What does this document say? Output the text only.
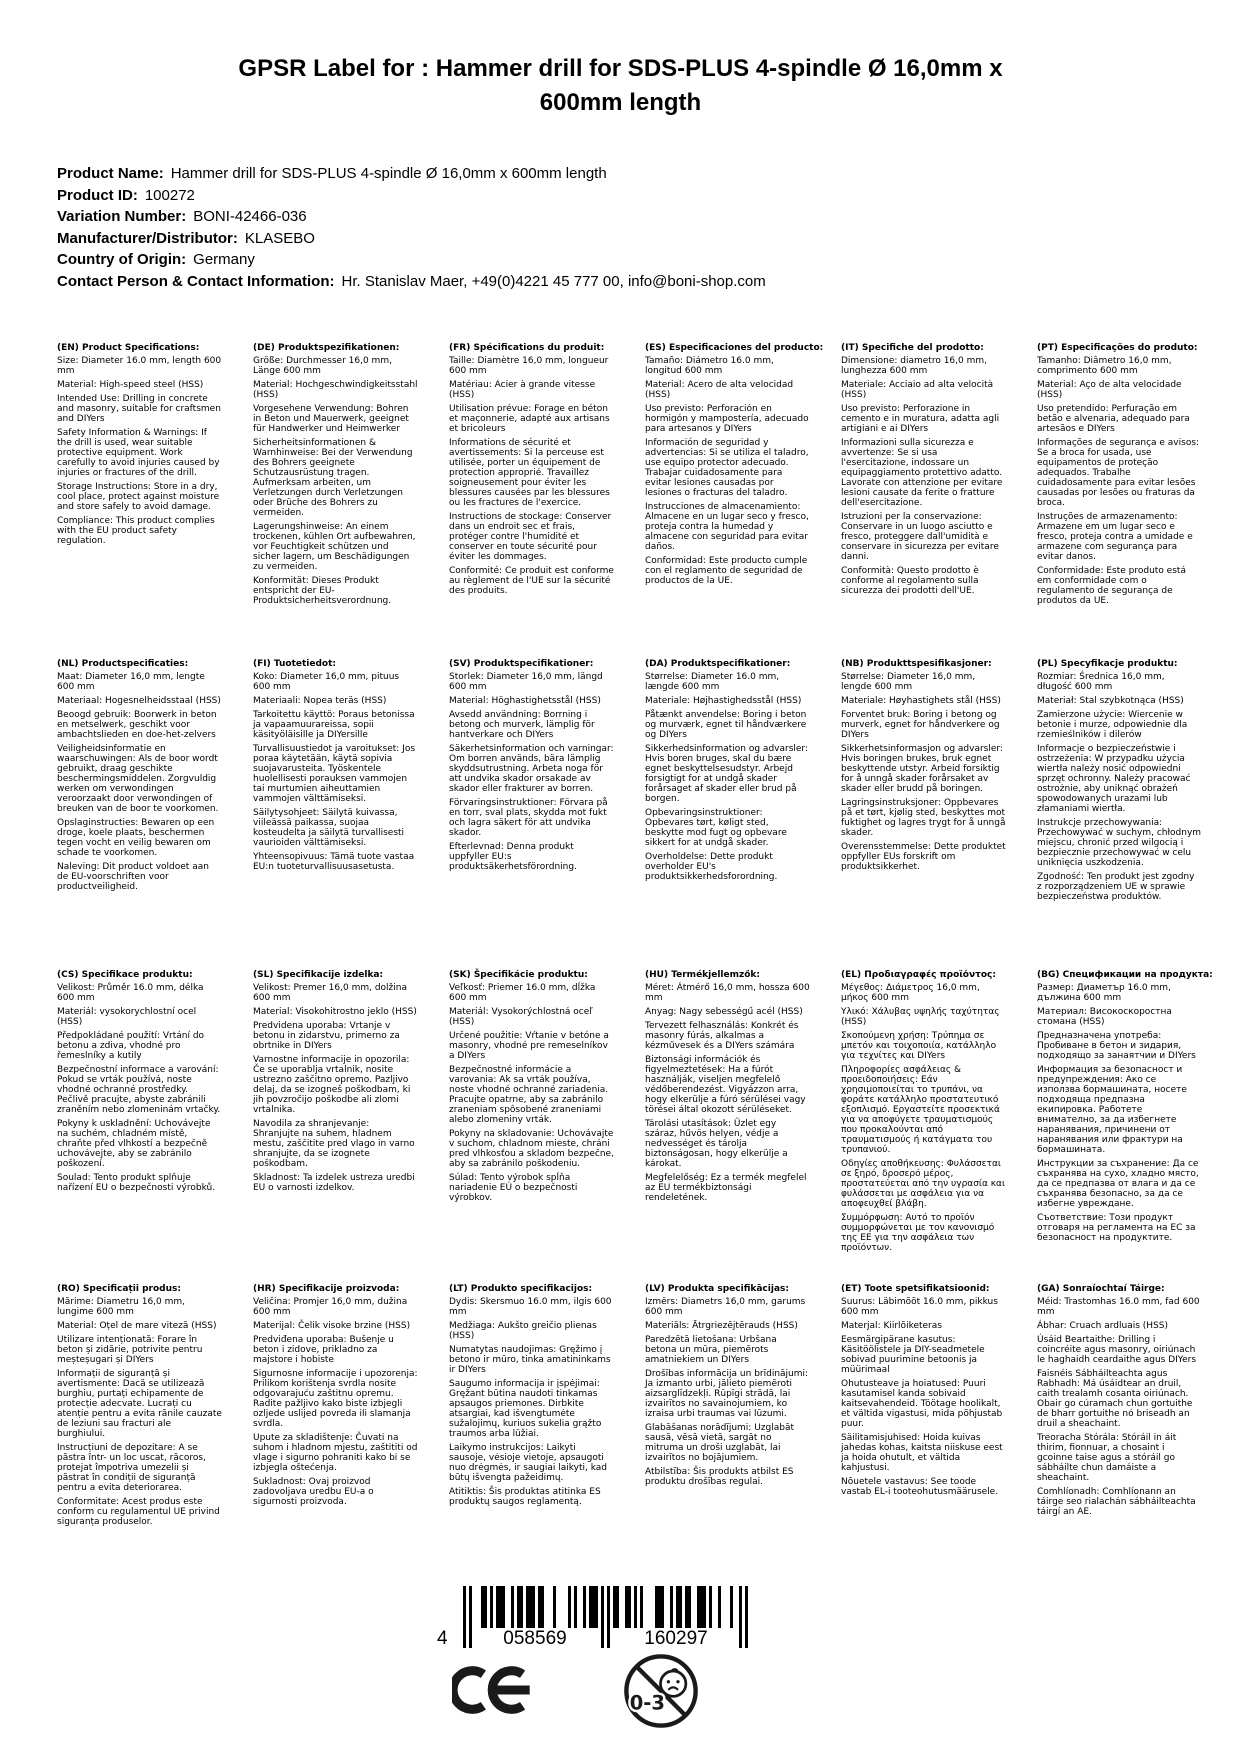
GPSR Label for : Hammer drill for SDS-PLUS 4-spindle Ø 16,0mm x 600mm length
Product Name: Hammer drill for SDS-PLUS 4-spindle Ø 16,0mm x 600mm length
Product ID: 100272
Variation Number: BONI-42466-036
Manufacturer/Distributor: KLASEBO
Country of Origin: Germany
Contact Person & Contact Information: Hr. Stanislav Maer, +49(0)4221 45 777 00, info@boni-shop.com
(EN) Product Specifications:

Size: Diameter 16.0 mm, length 600 mm

Material: High-speed steel (HSS)

Intended Use: Drilling in concrete and masonry, suitable for craftsmen and DIYers

Safety Information & Warnings: If the drill is used, wear suitable protective equipment. Work carefully to avoid injuries caused by injuries or fractures of the drill.

Storage Instructions: Store in a dry, cool place, protect against moisture and store safely to avoid damage.

Compliance: This product complies with the EU product safety regulation.

(DE) Produktspezifikationen:

Größe: Durchmesser 16,0 mm, Länge 600 mm

Material: Hochgeschwindigkeitsstahl (HSS)

Vorgesehene Verwendung: Bohren in Beton und Mauerwerk, geeignet für Handwerker und Heimwerker

Sicherheitsinformationen & Warnhinweise: Bei der Verwendung des Bohrers geeignete Schutzausrüstung tragen. Aufmerksam arbeiten, um Verletzungen durch Verletzungen oder Brüche des Bohrers zu vermeiden.

Lagerungshinweise: An einem trockenen, kühlen Ort aufbewahren, vor Feuchtigkeit schützen und sicher lagern, um Beschädigungen zu vermeiden.

Konformität: Dieses Produkt entspricht der EU-Produktsicherheitsverordnung.

(FR) Spécifications du produit:

Taille: Diamètre 16,0 mm, longueur 600 mm

Matériau: Acier à grande vitesse (HSS)

Utilisation prévue: Forage en béton et maçonnerie, adapté aux artisans et bricoleurs

Informations de sécurité et avertissements: Si la perceuse est utilisée, porter un équipement de protection approprié. Travaillez soigneusement pour éviter les blessures causées par les blessures ou les fractures de l'exercice.

Instructions de stockage: Conserver dans un endroit sec et frais, protéger contre l'humidité et conserver en toute sécurité pour éviter les dommages.

Conformité: Ce produit est conforme au règlement de l'UE sur la sécurité des produits.

(ES) Especificaciones del producto:

Tamaño: Diámetro 16.0 mm, longitud 600 mm

Material: Acero de alta velocidad (HSS)

Uso previsto: Perforación en hormigón y mampostería, adecuado para artesanos y DIYers

Información de seguridad y advertencias: Si se utiliza el taladro, use equipo protector adecuado. Trabajar cuidadosamente para evitar lesiones causadas por lesiones o fracturas del taladro.

Instrucciones de almacenamiento: Almacene en un lugar seco y fresco, proteja contra la humedad y almacene con seguridad para evitar daños.

Conformidad: Este producto cumple con el reglamento de seguridad de productos de la UE.

(IT) Specifiche del prodotto:

Dimensione: diametro 16,0 mm, lunghezza 600 mm

Materiale: Acciaio ad alta velocità (HSS)

Uso previsto: Perforazione in cemento e in muratura, adatta agli artigiani e ai DIYers

Informazioni sulla sicurezza e avvertenze: Se si usa l'esercitazione, indossare un equipaggiamento protettivo adatto. Lavorate con attenzione per evitare lesioni causate da ferite o fratture dell'esercitazione.

Istruzioni per la conservazione: Conservare in un luogo asciutto e fresco, proteggere dall'umidità e conservare in sicurezza per evitare danni.

Conformità: Questo prodotto è conforme al regolamento sulla sicurezza dei prodotti dell'UE.

(PT) Especificações do produto:

Tamanho: Diâmetro 16,0 mm, comprimento 600 mm

Material: Aço de alta velocidade (HSS)

Uso pretendido: Perfuração em betão e alvenaria, adequado para artesãos e DIYers

Informações de segurança e avisos: Se a broca for usada, use equipamentos de proteção adequados. Trabalhe cuidadosamente para evitar lesões causadas por lesões ou fraturas da broca.

Instruções de armazenamento: Armazene em um lugar seco e fresco, proteja contra a umidade e armazene com segurança para evitar danos.

Conformidade: Este produto está em conformidade com o regulamento de segurança de produtos da UE.

(NL) Productspecificaties:

Maat: Diameter 16,0 mm, lengte 600 mm

Materiaal: Hogesnelheidsstaal (HSS)

Beoogd gebruik: Boorwerk in beton en metselwerk, geschikt voor ambachtslieden en doe-het-zelvers

Veiligheidsinformatie en waarschuwingen: Als de boor wordt gebruikt, draag geschikte beschermingsmiddelen. Zorgvuldig werken om verwondingen veroorzaakt door verwondingen of breuken van de boor te voorkomen.

Opslaginstructies: Bewaren op een droge, koele plaats, beschermen tegen vocht en veilig bewaren om schade te voorkomen.

Naleving: Dit product voldoet aan de EU-voorschriften voor productveiligheid.

(FI) Tuotetiedot:

Koko: Diameter 16,0 mm, pituus 600 mm

Materiaali: Nopea teräs (HSS)

Tarkoitettu käyttö: Poraus betonissa ja vapaamuurareissa, sopii käsityöläisille ja DIYersille

Turvallisuustiedot ja varoitukset: Jos poraa käytetään, käytä sopivia suojavarusteita. Työskentele huolellisesti porauksen vammojen tai murtumien aiheuttamien vammojen välttämiseksi.

Säilytysohjeet: Säilytä kuivassa, viileässä paikassa, suojaa kosteudelta ja säilytä turvallisesti vaurioiden välttämiseksi.

Yhteensopivuus: Tämä tuote vastaa EU:n tuoteturvallisuusasetusta.

(SV) Produktspecifikationer:

Storlek: Diameter 16,0 mm, längd 600 mm

Material: Höghastighetsstål (HSS)

Avsedd användning: Borrning i betong och murverk, lämplig för hantverkare och DIYers

Säkerhetsinformation och varningar: Om borren används, bära lämplig skyddsutrustning. Arbeta noga för att undvika skador orsakade av skador eller frakturer av borren.

Förvaringsinstruktioner: Förvara på en torr, sval plats, skydda mot fukt och lagra säkert för att undvika skador.

Efterlevnad: Denna produkt uppfyller EU:s produktsäkerhetsförordning.

(DA) Produktspecifikationer:

Størrelse: Diameter 16.0 mm, længde 600 mm

Materiale: Højhastighedsstål (HSS)

Påtænkt anvendelse: Boring i beton og murværk, egnet til håndværkere og DIYers

Sikkerhedsinformation og advarsler: Hvis boren bruges, skal du bære egnet beskyttelsesudstyr. Arbejd forsigtigt for at undgå skader forårsaget af skader eller brud på borgen.

Opbevaringsinstruktioner: Opbevares tørt, køligt sted, beskytte mod fugt og opbevare sikkert for at undgå skader.

Overholdelse: Dette produkt overholder EU's produktsikkerhedsforordning.

(NB) Produkttspesifikasjoner:

Størrelse: Diameter 16,0 mm, lengde 600 mm

Materiale: Høyhastighets stål (HSS)

Forventet bruk: Boring i betong og murverk, egnet for håndverkere og DIYers

Sikkerhetsinformasjon og advarsler: Hvis boringen brukes, bruk egnet beskyttende utstyr. Arbeid forsiktig for å unngå skader forårsaket av skader eller brudd på boringen.

Lagringsinstruksjoner: Oppbevares på et tørt, kjølig sted, beskyttes mot fuktighet og lagres trygt for å unngå skader.

Overensstemmelse: Dette produktet oppfyller EUs forskrift om produktsikkerhet.

(PL) Specyfikacje produktu:

Rozmiar: Średnica 16,0 mm, długość 600 mm

Materiał: Stal szybkotnąca (HSS)

Zamierzone użycie: Wiercenie w betonie i murze, odpowiednie dla rzemieślników i dilerów

Informacje o bezpieczeństwie i ostrzeżenia: W przypadku użycia wiertła należy nosić odpowiedni sprzęt ochronny. Należy pracować ostrożnie, aby uniknąć obrażeń spowodowanych urazami lub złamaniami wiertła.

Instrukcje przechowywania: Przechowywać w suchym, chłodnym miejscu, chronić przed wilgocią i bezpiecznie przechowywać w celu uniknięcia uszkodzenia.

Zgodność: Ten produkt jest zgodny z rozporządzeniem UE w sprawie bezpieczeństwa produktów.

(CS) Specifikace produktu:

Velikost: Průměr 16.0 mm, délka 600 mm

Materiál: vysokorychlostní ocel (HSS)

Předpokládané použití: Vrtání do betonu a zdiva, vhodné pro řemeslníky a kutily

Bezpečnostní informace a varování: Pokud se vrták používá, noste vhodné ochranné prostředky. Pečlivě pracujte, abyste zabránili zraněním nebo zlomeninám vrtačky.

Pokyny k uskladnění: Uchovávejte na suchém, chladném místě, chraňte před vlhkostí a bezpečně uchovávejte, aby se zabránilo poškození.

Soulad: Tento produkt splňuje nařízení EU o bezpečnosti výrobků.

(SL) Specifikacije izdelka:

Velikost: Premer 16,0 mm, dolžina 600 mm

Material: Visokohitrostno jeklo (HSS)

Predvidena uporaba: Vrtanje v betonu in zidarstvu, primerno za obrtnike in DIYers

Varnostne informacije in opozorila: Če se uporablja vrtalnik, nosite ustrezno zaščitno opremo. Pazljivo delaj, da se izogneš poškodbam, ki jih povzročijo poškodbe ali zlomi vrtalnika.

Navodila za shranjevanje: Shranjujte na suhem, hladnem mestu, zaščitite pred vlago in varno shranjujte, da se izognete poškodbam.

Skladnost: Ta izdelek ustreza uredbi EU o varnosti izdelkov.

(SK) Špecifikácie produktu:

Veľkosť: Priemer 16.0 mm, dĺžka 600 mm

Materiál: Vysokorýchlostná oceľ (HSS)

Určené použitie: Vŕtanie v betóne a masonry, vhodné pre remeselníkov a DIYers

Bezpečnostné informácie a varovania: Ak sa vrták používa, noste vhodné ochranné zariadenia. Pracujte opatrne, aby sa zabránilo zraneniam spôsobené zraneniami alebo zlomeniny vrták.

Pokyny na skladovanie: Uchovávajte v suchom, chladnom mieste, chráni pred vlhkosťou a skladom bezpečne, aby sa zabránilo poškodeniu.

Súlad: Tento výrobok spĺňa nariadenie EÚ o bezpečnosti výrobkov.

(HU) Termékjellemzők:

Méret: Átmérő 16,0 mm, hossza 600 mm

Anyag: Nagy sebességű acél (HSS)

Tervezett felhasználás: Konkrét és masonry fúrás, alkalmas a kézművesek és a DIYers számára

Biztonsági információk és figyelmeztetések: Ha a fúrót használják, viseljen megfelelő védőberendezést. Vigyázzon arra, hogy elkerülje a fúró sérülései vagy törései által okozott sérüléseket.

Tárolási utasítások: Üzlet egy száraz, hűvös helyen, védje a nedvességet és tárolja biztonságosan, hogy elkerülje a károkat.

Megfelelőség: Ez a termék megfelel az EU termékbiztonsági rendeletének.

(EL) Προδιαγραφές προϊόντος:

Μέγεθος: Διάμετρος 16,0 mm, μήκος 600 mm

Υλικό: Χάλυβας υψηλής ταχύτητας (HSS)

Σκοπούμενη χρήση: Τρύπημα σε μπετόν και τοιχοποιία, κατάλληλο για τεχνίτες και DIYers

Πληροφορίες ασφάλειας & προειδοποιήσεις: Εάν χρησιμοποιείται το τρυπάνι, να φοράτε κατάλληλο προστατευτικό εξοπλισμό. Εργαστείτε προσεκτικά για να αποφύγετε τραυματισμούς που προκαλούνται από τραυματισμούς ή κατάγματα του τρυπανιού.

Οδηγίες αποθήκευσης: Φυλάσσεται σε ξηρό, δροσερό μέρος, προστατεύεται από την υγρασία και φυλάσσεται με ασφάλεια για να αποφευχθεί βλάβη.

Συμμόρφωση: Αυτό το προϊόν συμμορφώνεται με τον κανονισμό της ΕΕ για την ασφάλεια των προϊόντων.

(BG) Спецификации на продукта:

Размер: Диаметър 16.0 mm, дължина 600 mm

Материал: Високоскоростна стомана (HSS)

Предназначена употреба: Пробиване в бетон и зидария, подходящо за занаятчии и DIYers

Информация за безопасност и предупреждения: Ако се използва бормашината, носете подходяща предпазна екипировка. Работете внимателно, за да избегнете наранявания, причинени от наранявания или фрактури на бормашината.

Инструкции за съхранение: Да се съхранява на сухо, хладно място, да се предпазва от влага и да се съхранява безопасно, за да се избегне увреждане.

Съответствие: Този продукт отговаря на регламента на ЕС за безопасност на продуктите.

(RO) Specificații produs:

Mărime: Diametru 16,0 mm, lungime 600 mm

Material: Oțel de mare viteză (HSS)

Utilizare intenționată: Forare în beton și zidărie, potrivite pentru meșteșugari și DIYers

Informații de siguranță și avertismente: Dacă se utilizează burghiu, purtați echipamente de protecție adecvate. Lucrați cu atenție pentru a evita rănile cauzate de leziuni sau fracturi ale burghiului.

Instrucțiuni de depozitare: A se păstra într- un loc uscat, răcoros, protejat împotriva umezelii și păstrat în condiții de siguranță pentru a evita deteriorarea.

Conformitate: Acest produs este conform cu regulamentul UE privind siguranța produselor.

(HR) Specifikacije proizvoda:

Veličina: Promjer 16,0 mm, dužina 600 mm

Materijal: Čelik visoke brzine (HSS)

Predviđena uporaba: Bušenje u beton i zidove, prikladno za majstore i hobiste

Sigurnosne informacije i upozorenja: Prilikom korištenja svrdla nosite odgovarajuću zaštitnu opremu. Radite pažljivo kako biste izbjegli ozljede uslijed povreda ili slamanja svrdla.

Upute za skladištenje: Čuvati na suhom i hladnom mjestu, zaštititi od vlage i sigurno pohraniti kako bi se izbjegla oštećenja.

Sukladnost: Ovaj proizvod zadovoljava uredbu EU-a o sigurnosti proizvoda.

(LT) Produkto specifikacijos:

Dydis: Skersmuo 16.0 mm, ilgis 600 mm

Medžiaga: Aukšto greičio plienas (HSS)

Numatytas naudojimas: Gręžimo į betono ir mūro, tinka amatininkams ir DIYers

Saugumo informacija ir įspėjimai: Gręžant būtina naudoti tinkamas apsaugos priemones. Dirbkite atsargiai, kad išvengtumėte sužalojimų, kuriuos sukelia grąžto traumos arba lūžiai.

Laikymo instrukcijos: Laikyti sausoje, vėsioje vietoje, apsaugoti nuo drėgmės, ir saugiai laikyti, kad būtų išvengta pažeidimų.

Atitiktis: Šis produktas atitinka ES produktų saugos reglamentą.

(LV) Produkta specifikācijas:

Izmērs: Diametrs 16,0 mm, garums 600 mm

Materiāls: Ātrgriezējtērauds (HSS)

Paredzētā lietošana: Urbšana betona un mūra, piemērots amatniekiem un DIYers

Drošības informācija un brīdinājumi: Ja izmanto urbi, jālieto piemēroti aizsarglīdzekļi. Rūpīgi strādā, lai izvairītos no savainojumiem, ko izraisa urbi traumas vai lūzumi.

Glabāšanas norādījumi: Uzglabāt sausā, vēsā vietā, sargāt no mitruma un droši uzglabāt, lai izvairītos no bojājumiem.

Atbilstība: Šis produkts atbilst ES produktu drošības regulai.

(ET) Toote spetsifikatsioonid:

Suurus: Läbimõõt 16.0 mm, pikkus 600 mm

Materjal: Kiirlõiketeras

Eesmärgipärane kasutus: Käsitöölistele ja DIY-seadmetele sobivad puurimine betoonis ja müürimaal

Ohutusteave ja hoiatused: Puuri kasutamisel kanda sobivaid kaitsevahendeid. Töötage hoolikalt, et vältida vigastusi, mida põhjustab puur.

Säilitamisjuhised: Hoida kuivas jahedas kohas, kaitsta niiskuse eest ja hoida ohutult, et vältida kahjustusi.

Nõuetele vastavus: See toode vastab EL-i tooteohutusmäärusele.

(GA) Sonraíochtaí Táirge:

Méid: Trastomhas 16.0 mm, fad 600 mm

Ábhar: Cruach ardluais (HSS)

Úsáid Beartaithe: Drilling i coincréite agus masonry, oiriúnach le haghaidh ceardaithe agus DIYers

Faisnéis Sábháilteachta agus Rabhadh: Má úsáidtear an druil, caith trealamh cosanta oiriúnach. Obair go cúramach chun gortuithe de bharr gortuithe nó briseadh an druil a sheachaint.

Treoracha Stórála: Stóráil in áit thirim, fionnuar, a chosaint i gcoinne taise agus a stóráil go sábháilte chun damáiste a sheachaint.

Comhlíonadh: Comhlíonann an táirge seo rialachán sábháilteachta táirgí an AE.

4	058569	160297
0-3
